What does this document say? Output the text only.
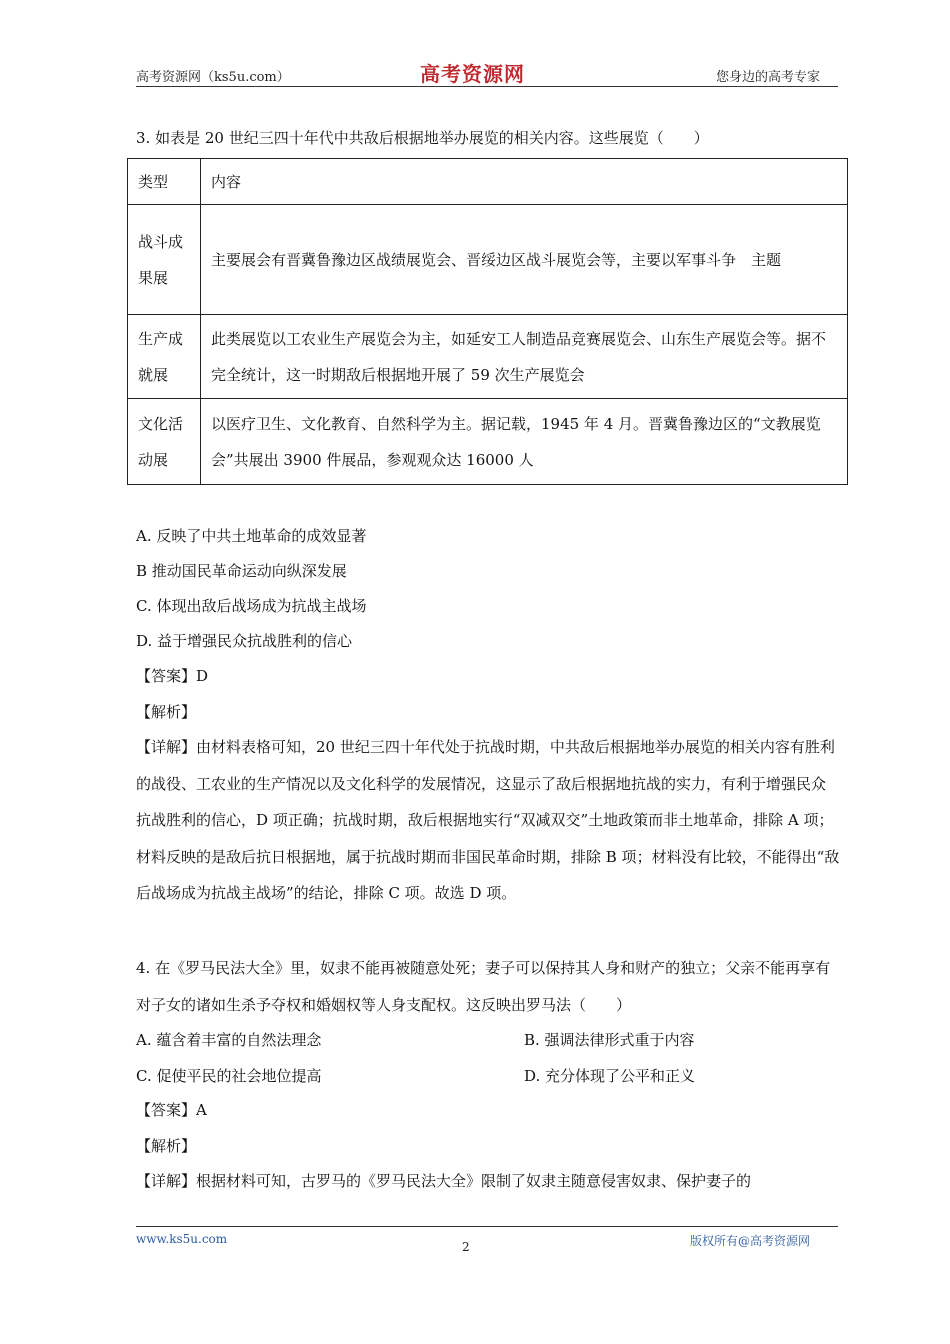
高考资源网（ks5u.com）	高考资源网	您身边的高考专家
3. 如表是 20 世纪三四十年代中共敌后根据地举办展览的相关内容。这些展览（　　）
类型	内容
战斗成果展	主要展会有晋冀鲁豫边区战绩展览会、晋绥边区战斗展览会等，主要以军事斗争　主题
生产成就展	此类展览以工农业生产展览会为主，如延安工人制造品竞赛展览会、山东生产展览会等。据不完全统计，这一时期敌后根据地开展了 59 次生产展览会
文化活动展	以医疗卫生、文化教育、自然科学为主。据记载，1945 年 4 月。晋冀鲁豫边区的“文教展览会”共展出 3900 件展品，参观观众达 16000 人
A. 反映了中共土地革命的成效显著
B 推动国民革命运动向纵深发展
C. 体现出敌后战场成为抗战主战场
D. 益于增强民众抗战胜利的信心
【答案】D
【解析】
【详解】由材料表格可知，20 世纪三四十年代处于抗战时期，中共敌后根据地举办展览的相关内容有胜利的战役、工农业的生产情况以及文化科学的发展情况，这显示了敌后根据地抗战的实力，有利于增强民众抗战胜利的信心，D 项正确；抗战时期，敌后根据地实行“双减双交”土地政策而非土地革命，排除 A 项；材料反映的是敌后抗日根据地，属于抗战时期而非国民革命时期，排除 B 项；材料没有比较，不能得出“敌后战场成为抗战主战场”的结论，排除 C 项。故选 D 项。
4. 在《罗马民法大全》里，奴隶不能再被随意处死；妻子可以保持其人身和财产的独立；父亲不能再享有对子女的诸如生杀予夺权和婚姻权等人身支配权。这反映出罗马法（　　）
A. 蕴含着丰富的自然法理念	B. 强调法律形式重于内容
C. 促使平民的社会地位提高	D. 充分体现了公平和正义
【答案】A
【解析】
【详解】根据材料可知，古罗马的《罗马民法大全》限制了奴隶主随意侵害奴隶、保护妻子的
www.ks5u.com
2	版权所有@高考资源网
